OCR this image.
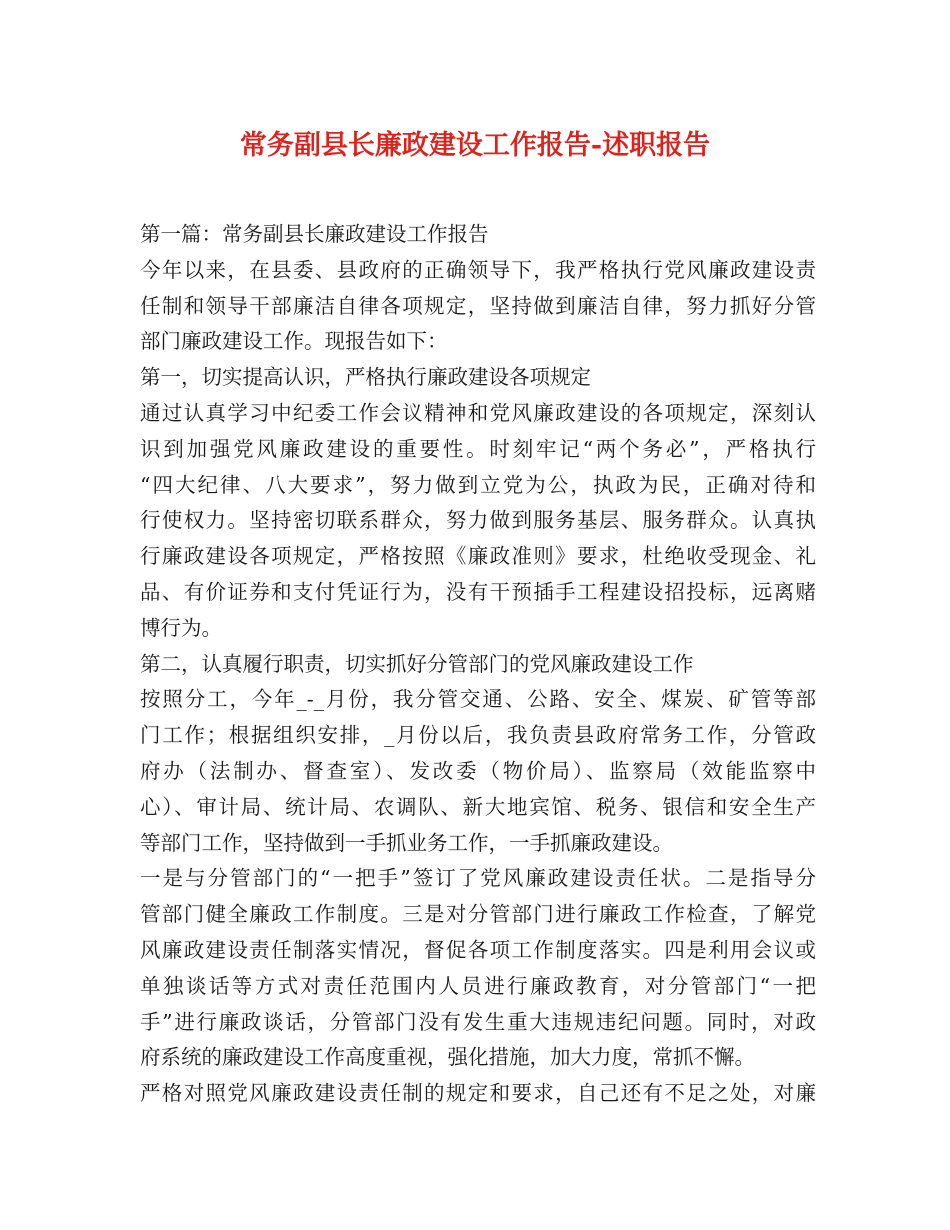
常务副县长廉政建设工作报告-述职报告
第一篇：常务副县长廉政建设工作报告
今年以来，在县委、县政府的正确领导下，我严格执行党风廉政建设责
任制和领导干部廉洁自律各项规定，坚持做到廉洁自律，努力抓好分管
部门廉政建设工作。现报告如下：
第一，切实提高认识，严格执行廉政建设各项规定
通过认真学习中纪委工作会议精神和党风廉政建设的各项规定，深刻认
识到加强党风廉政建设的重要性。时刻牢记“两个务必”，严格执行
“四大纪律、八大要求”，努力做到立党为公，执政为民，正确对待和
行使权力。坚持密切联系群众，努力做到服务基层、服务群众。认真执
行廉政建设各项规定，严格按照《廉政准则》要求，杜绝收受现金、礼
品、有价证券和支付凭证行为，没有干预插手工程建设招投标，远离赌
博行为。
第二，认真履行职责，切实抓好分管部门的党风廉政建设工作
按照分工，今年_-_月份，我分管交通、公路、安全、煤炭、矿管等部
门工作；根据组织安排，_月份以后，我负责县政府常务工作，分管政
府办（法制办、督查室）、发改委（物价局）、监察局（效能监察中
心）、审计局、统计局、农调队、新大地宾馆、税务、银信和安全生产
等部门工作，坚持做到一手抓业务工作，一手抓廉政建设。
一是与分管部门的“一把手”签订了党风廉政建设责任状。二是指导分
管部门健全廉政工作制度。三是对分管部门进行廉政工作检查，了解党
风廉政建设责任制落实情况，督促各项工作制度落实。四是利用会议或
单独谈话等方式对责任范围内人员进行廉政教育，对分管部门“一把
手”进行廉政谈话，分管部门没有发生重大违规违纪问题。同时，对政
府系统的廉政建设工作高度重视，强化措施，加大力度，常抓不懈。
严格对照党风廉政建设责任制的规定和要求，自己还有不足之处，对廉
